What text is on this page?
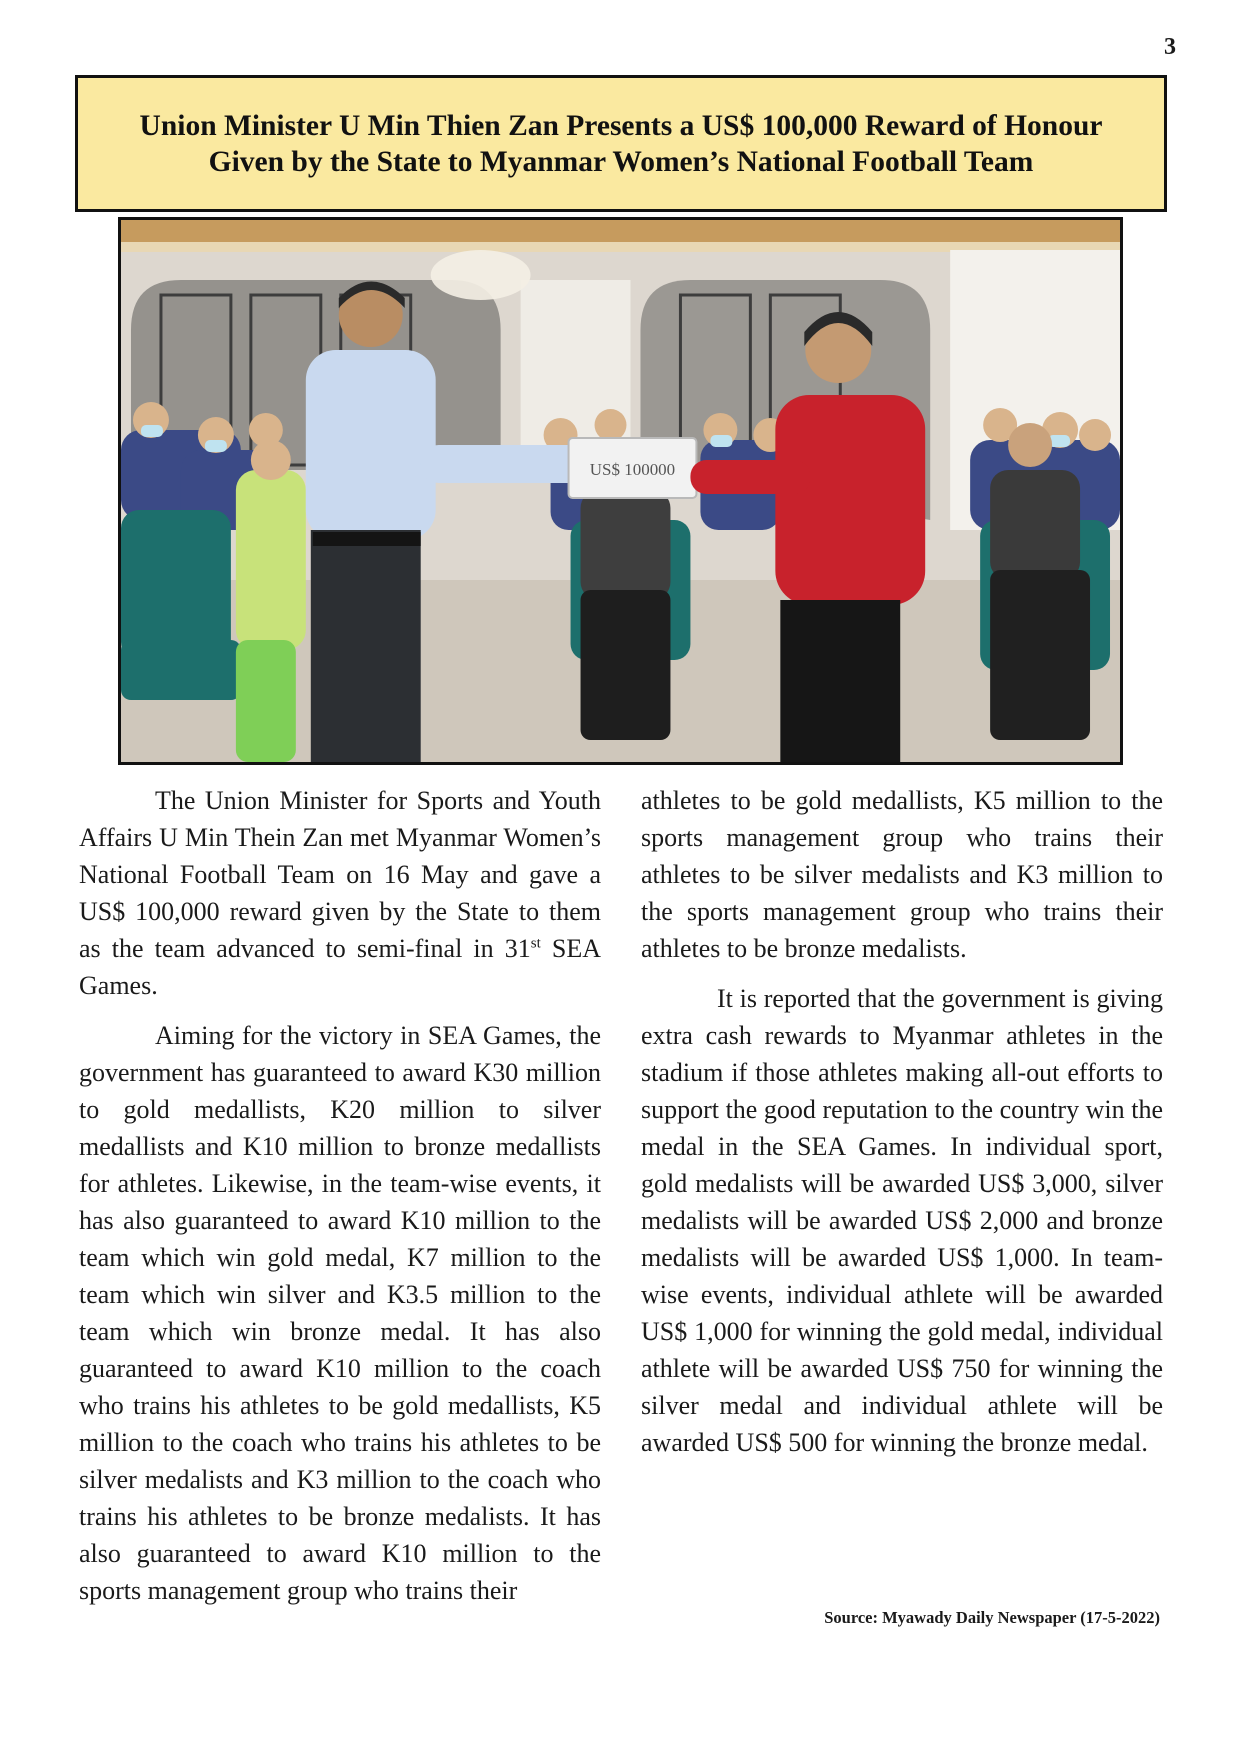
3
Union Minister U Min Thien Zan Presents a US$ 100,000 Reward of Honour
Given by the State to Myanmar Women’s National Football Team
US$ 100000

The Union Minister for Sports and Youth Affairs U Min Thein Zan met Myanmar Women’s National Football Team on 16 May and gave a US$ 100,000 reward given by the State to them as the team advanced to semi-final in 31st SEA Games.

Aiming for the victory in SEA Games, the government has guaranteed to award K30 million to gold medallists, K20 million to silver medallists and K10 million to bronze medallists for athletes. Likewise, in the team-wise events, it has also guaranteed to award K10 million to the team which win gold medal, K7 million to the team which win silver and K3.5 million to the team which win bronze medal. It has also guaranteed to award K10 million to the coach who trains his athletes to be gold medallists, K5 million to the coach who trains his athletes to be silver medalists and K3 million to the coach who trains his athletes to be bronze medalists. It has also guaranteed to award K10 million to the sports management group who trains their

athletes to be gold medallists, K5 million to the sports management group who trains their athletes to be silver medalists and K3 million to the sports management group who trains their athletes to be bronze medalists.

It is reported that the government is giving extra cash rewards to Myanmar athletes in the stadium if those athletes making all-out efforts to support the good reputation to the country win the medal in the SEA Games. In individual sport, gold medalists will be awarded US$ 3,000, silver medalists will be awarded US$ 2,000 and bronze medalists will be awarded US$ 1,000. In team-wise events, individual athlete will be awarded US$ 1,000 for winning the gold medal, individual athlete will be awarded US$ 750 for winning the silver medal and individual athlete will be awarded US$ 500 for winning the bronze medal.

Source: Myawady Daily Newspaper (17-5-2022)
